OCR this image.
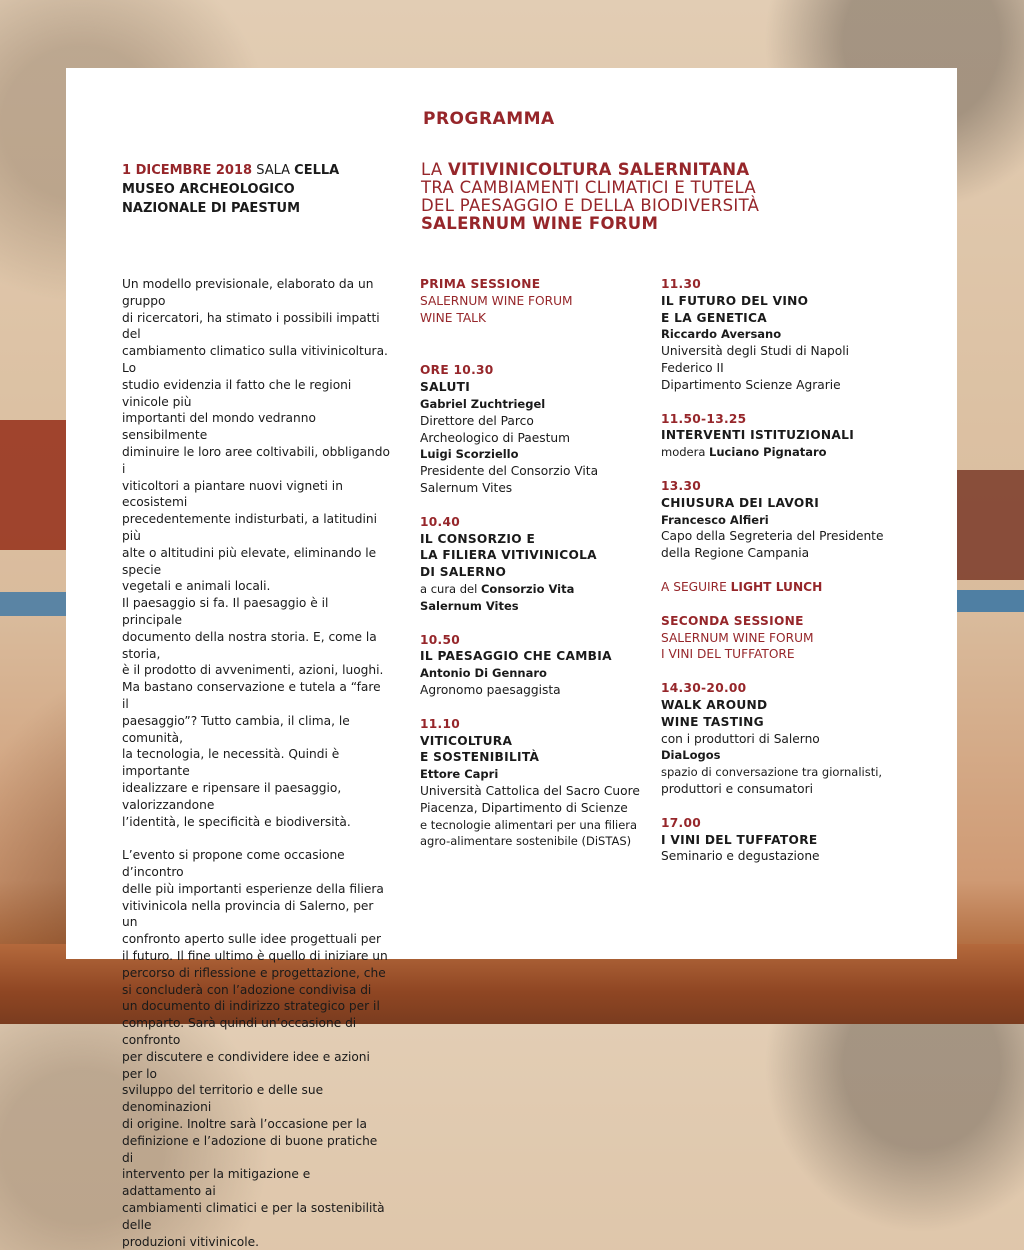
PROGRAMMA
1 DICEMBRE 2018 SALA CELLA
MUSEO ARCHEOLOGICO
NAZIONALE DI PAESTUM
LA VITIVINICOLTURA SALERNITANA
TRA CAMBIAMENTI CLIMATICI E TUTELA
DEL PAESAGGIO E DELLA BIODIVERSITÀ
SALERNUM WINE FORUM

Un modello previsionale, elaborato da un gruppo
di ricercatori, ha stimato i possibili impatti del
cambiamento climatico sulla vitivinicoltura. Lo
studio evidenzia il fatto che le regioni vinicole più
importanti del mondo vedranno sensibilmente
diminuire le loro aree coltivabili, obbligando i
viticoltori a piantare nuovi vigneti in ecosistemi
precedentemente indisturbati, a latitudini più
alte o altitudini più elevate, eliminando le specie
vegetali e animali locali.
Il paesaggio si fa. Il paesaggio è il principale
documento della nostra storia. E, come la storia,
è il prodotto di avvenimenti, azioni, luoghi.
Ma bastano conservazione e tutela a “fare il
paesaggio”? Tutto cambia, il clima, le comunità,
la tecnologia, le necessità. Quindi è importante
idealizzare e ripensare il paesaggio, valorizzandone
l’identità, le specificità e biodiversità.

L’evento si propone come occasione d’incontro
delle più importanti esperienze della filiera
vitivinicola nella provincia di Salerno, per un
confronto aperto sulle idee progettuali per
il futuro. Il fine ultimo è quello di iniziare un
percorso di riflessione e progettazione, che
si concluderà con l’adozione condivisa di
un documento di indirizzo strategico per il
comparto. Sarà quindi un’occasione di confronto
per discutere e condividere idee e azioni per lo
sviluppo del territorio e delle sue denominazioni
di origine. Inoltre sarà l’occasione per la
definizione e l’adozione di buone pratiche di
intervento per la mitigazione e adattamento ai
cambiamenti climatici e per la sostenibilità delle
produzioni vitivinicole.

PRIMA SESSIONE
SALERNUM WINE FORUM
WINE TALK
ORE 10.30
SALUTI
Gabriel Zuchtriegel
Direttore del Parco
Archeologico di Paestum
Luigi Scorziello
Presidente del Consorzio Vita
Salernum Vites
10.40
IL CONSORZIO E
LA FILIERA VITIVINICOLA
DI SALERNO
a cura del Consorzio Vita
Salernum Vites
10.50
IL PAESAGGIO CHE CAMBIA
Antonio Di Gennaro
Agronomo paesaggista
11.10
VITICOLTURA
E SOSTENIBILITÀ
Ettore Capri
Università Cattolica del Sacro Cuore
Piacenza, Dipartimento di Scienze
e tecnologie alimentari per una filiera
agro-alimentare sostenibile (DiSTAS)
11.30
IL FUTURO DEL VINO
E LA GENETICA
Riccardo Aversano
Università degli Studi di Napoli Federico II
Dipartimento Scienze Agrarie
11.50-13.25
INTERVENTI ISTITUZIONALI
modera Luciano Pignataro
13.30
CHIUSURA DEI LAVORI
Francesco Alfieri
Capo della Segreteria del Presidente
della Regione Campania
A SEGUIRE LIGHT LUNCH
SECONDA SESSIONE
SALERNUM WINE FORUM
I VINI DEL TUFFATORE
14.30-20.00
WALK AROUND
WINE TASTING
con i produttori di Salerno
DiaLogos
spazio di conversazione tra giornalisti,
produttori e consumatori
17.00
I VINI DEL TUFFATORE
Seminario e degustazione
